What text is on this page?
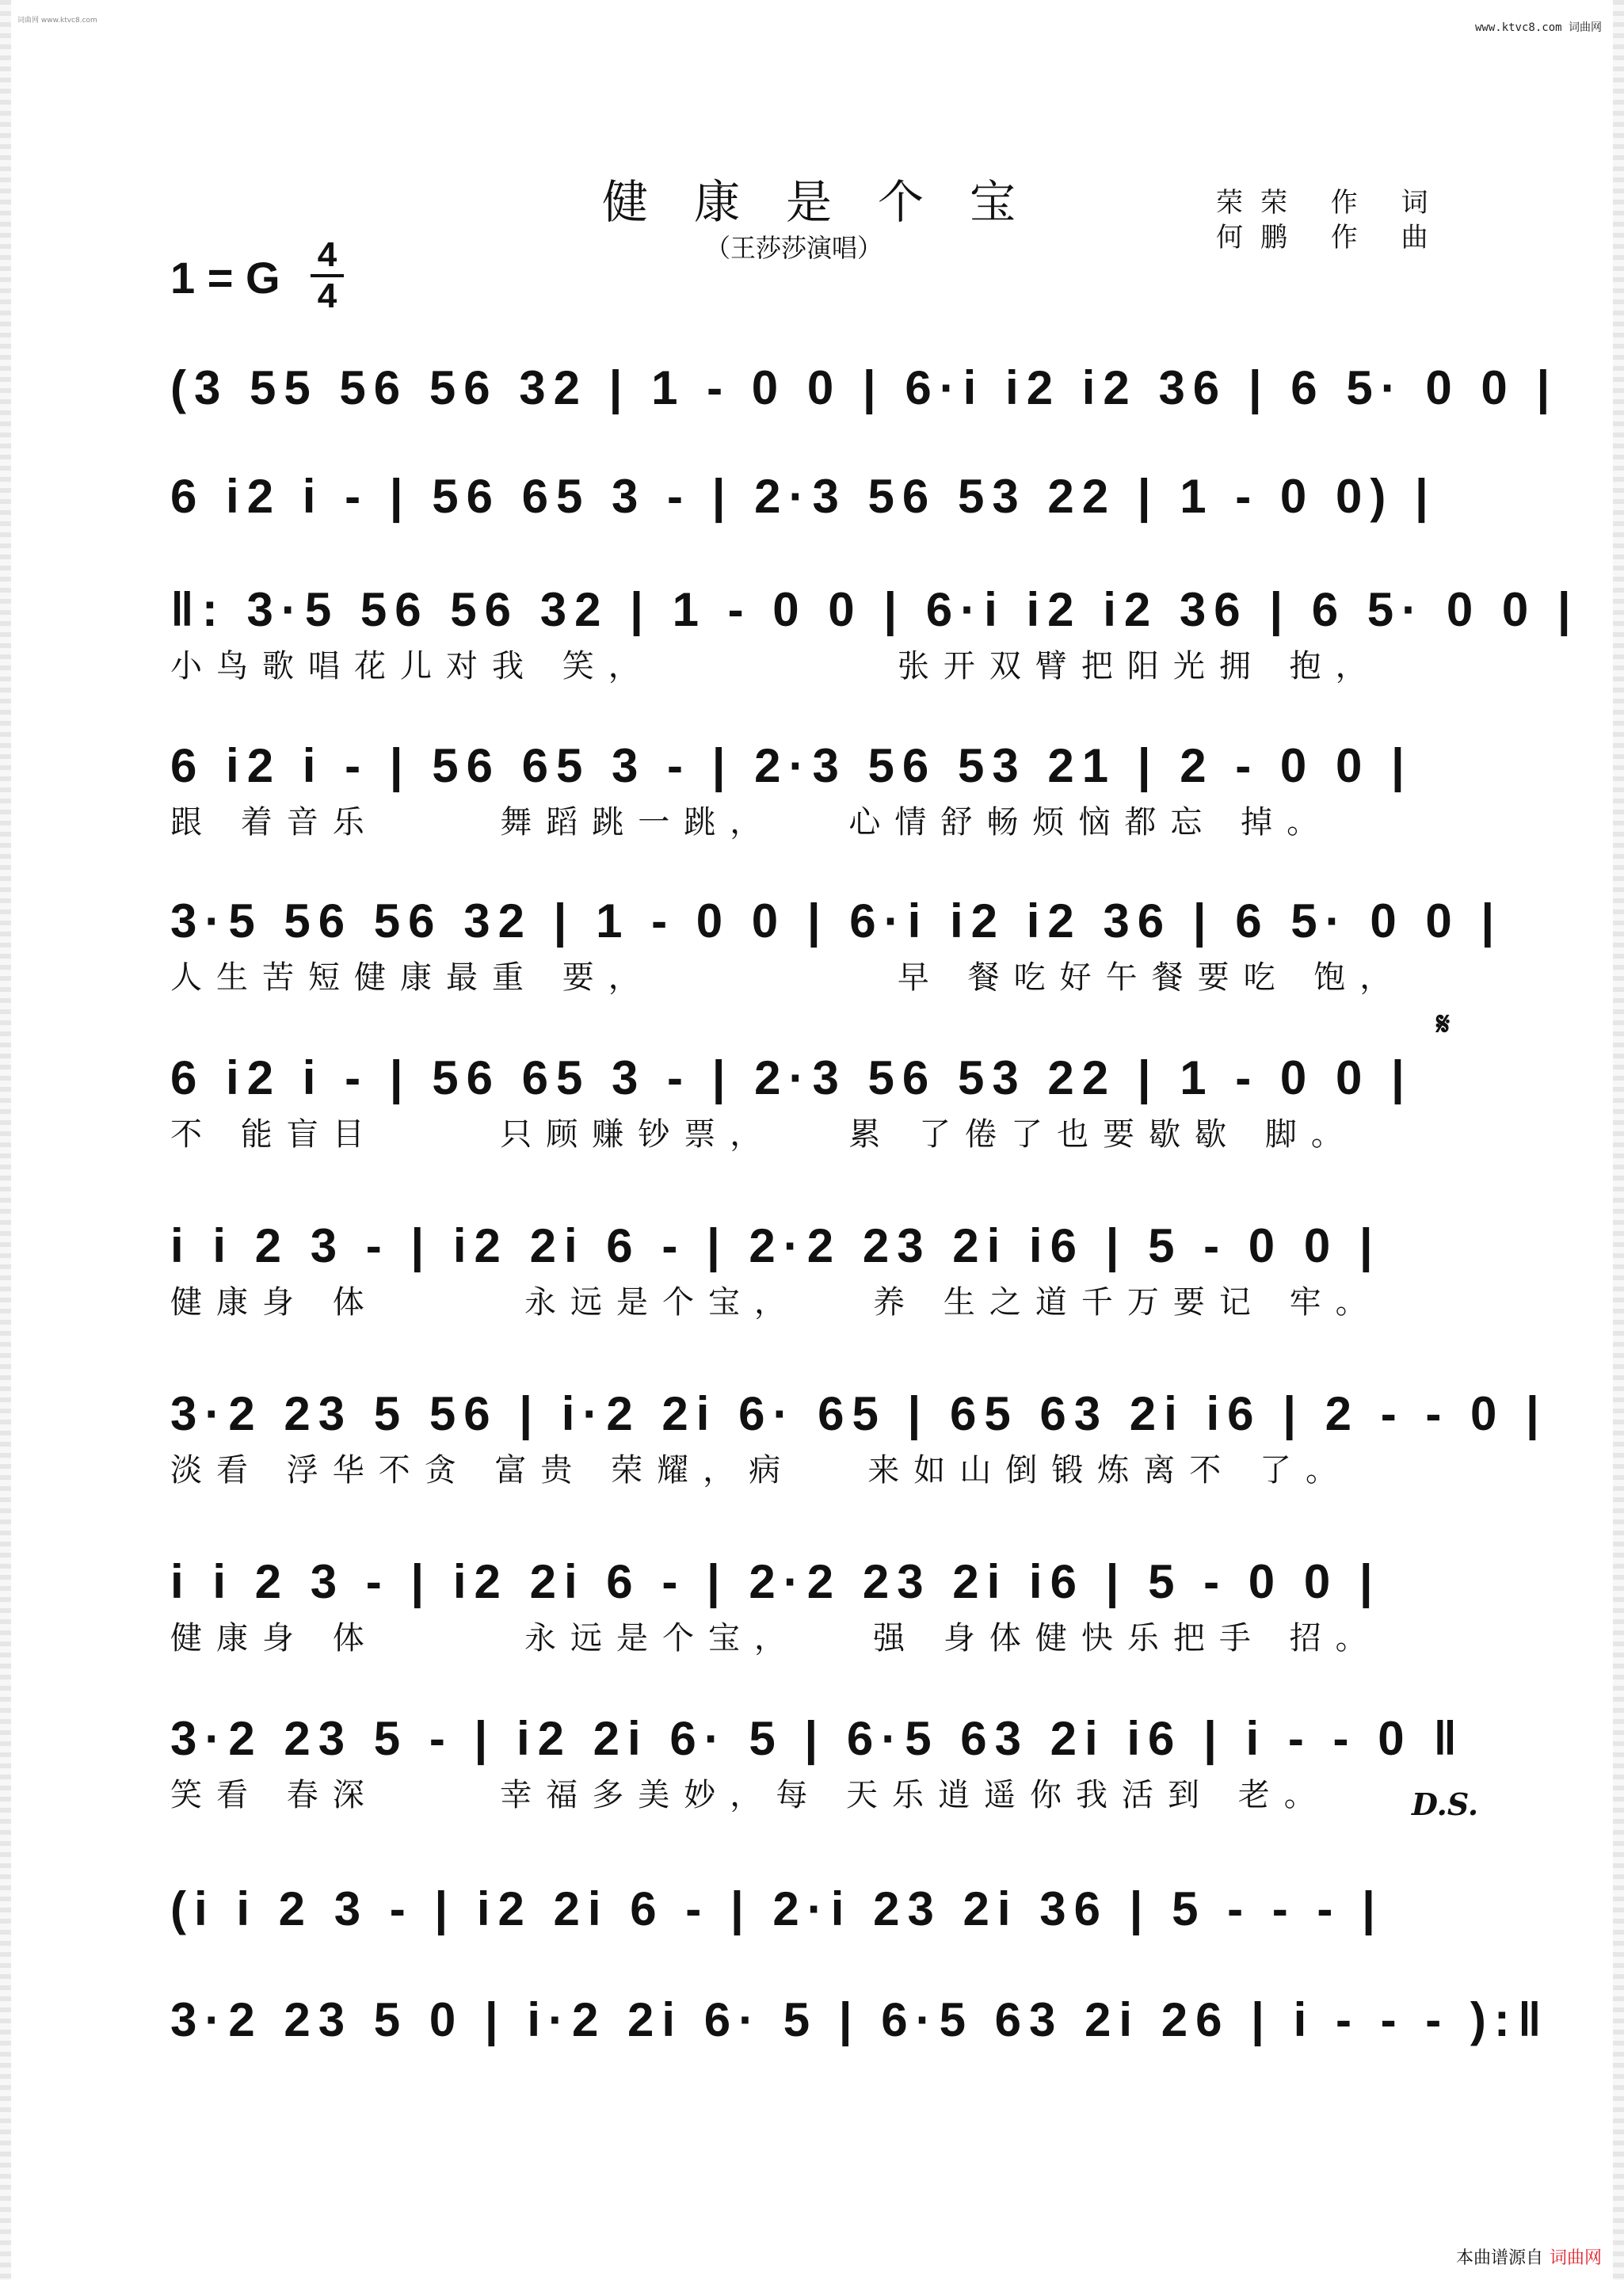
词曲网 www.ktvc8.com
www.ktvc8.com 词曲网
健康是个宝
（王莎莎演唱）
荣荣 作 词
何鹏 作 曲
1 = G 4
4
(3 55 56 56 32 | 1 - 0 0 | 6·i i2 i2 36 | 6 5· 0 0 |
6 i2 i - | 56 65 3 - | 2·3 56 53 22 | 1 - 0 0) |
‖: 3·5 56 56 32 | 1 - 0 0 | 6·i i2 i2 36 | 6 5· 0 0 |
小鸟歌唱花儿对我 笑，          张开双臂把阳光拥 抱，
6 i2 i - | 56 65 3 - | 2·3 56 53 21 | 2 - 0 0 |
跟 着音乐     舞蹈跳一跳，   心情舒畅烦恼都忘 掉。
3·5 56 56 32 | 1 - 0 0 | 6·i i2 i2 36 | 6 5· 0 0 |
人生苦短健康最重 要，          早 餐吃好午餐要吃 饱，
𝄋
6 i2 i - | 56 65 3 - | 2·3 56 53 22 | 1 - 0 0 |
不 能盲目     只顾赚钞票，   累 了倦了也要歇歇 脚。
i i 2 3 - | i2 2i 6 - | 2·2 23 2i i6 | 5 - 0 0 |
健康身 体      永远是个宝，   养 生之道千万要记 牢。
3·2 23 5 56 | i·2 2i 6· 65 | 65 63 2i i6 | 2 - - 0 |
淡看 浮华不贪 富贵 荣耀，病   来如山倒锻炼离不 了。
i i 2 3 - | i2 2i 6 - | 2·2 23 2i i6 | 5 - 0 0 |
健康身 体      永远是个宝，   强 身体健快乐把手 招。
3·2 23 5 - | i2 2i 6· 5 | 6·5 63 2i i6 | i - - 0 ‖
笑看 春深     幸福多美妙，每 天乐逍遥你我活到 老。	D.S.
(i i 2 3 - | i2 2i 6 - | 2·i 23 2i 36 | 5 - - - |
3·2 23 5 0 | i·2 2i 6· 5 | 6·5 63 2i 26 | i - - - ):‖
本曲谱源自 词曲网
